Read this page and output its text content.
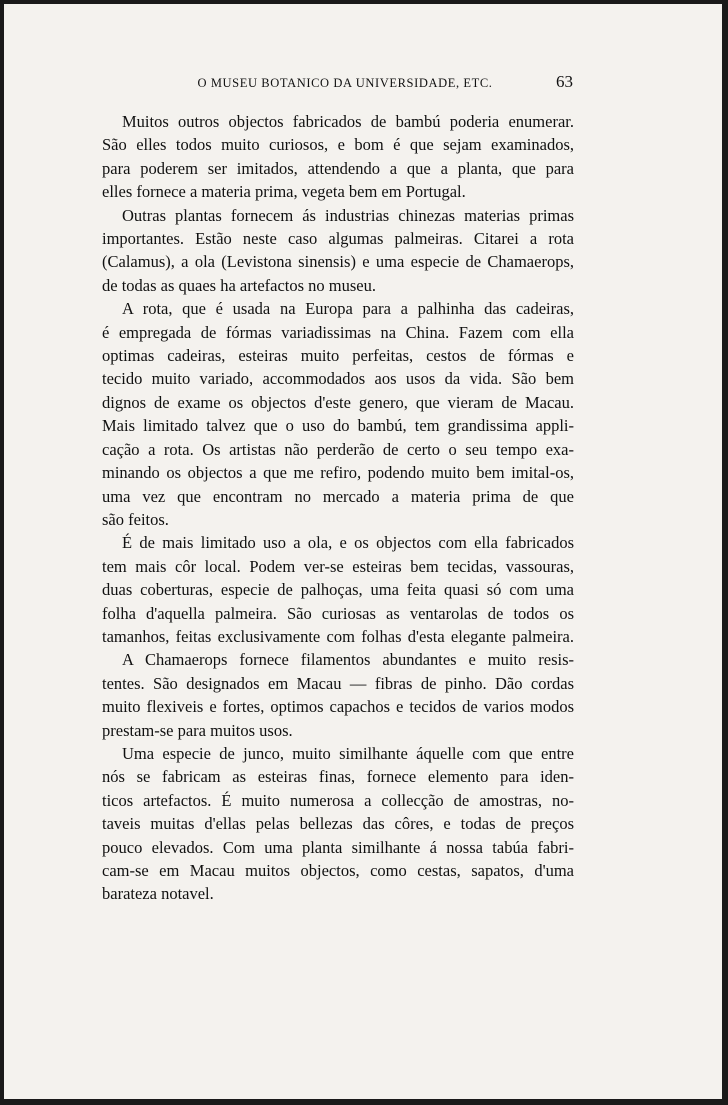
O MUSEU BOTANICO DA UNIVERSIDADE, ETC.	63
Muitos outros objectos fabricados de bambú poderia enumerar.
São elles todos muito curiosos, e bom é que sejam examinados,
para poderem ser imitados, attendendo a que a planta, que para
elles fornece a materia prima, vegeta bem em Portugal.
Outras plantas fornecem ás industrias chinezas materias primas
importantes. Estão neste caso algumas palmeiras. Citarei a rota
(Calamus), a ola (Levistona sinensis) e uma especie de Chamaerops,
de todas as quaes ha artefactos no museu.
A rota, que é usada na Europa para a palhinha das cadeiras,
é empregada de fórmas variadissimas na China. Fazem com ella
optimas cadeiras, esteiras muito perfeitas, cestos de fórmas e
tecido muito variado, accommodados aos usos da vida. São bem
dignos de exame os objectos d'este genero, que vieram de Macau.
Mais limitado talvez que o uso do bambú, tem grandissima appli-
cação a rota. Os artistas não perderão de certo o seu tempo exa-
minando os objectos a que me refiro, podendo muito bem imital-os,
uma vez que encontram no mercado a materia prima de que
são feitos.
É de mais limitado uso a ola, e os objectos com ella fabricados
tem mais côr local. Podem ver-se esteiras bem tecidas, vassouras,
duas coberturas, especie de palhoças, uma feita quasi só com uma
folha d'aquella palmeira. São curiosas as ventarolas de todos os
tamanhos, feitas exclusivamente com folhas d'esta elegante palmeira.
A Chamaerops fornece filamentos abundantes e muito resis-
tentes. São designados em Macau — fibras de pinho. Dão cordas
muito flexiveis e fortes, optimos capachos e tecidos de varios modos
prestam-se para muitos usos.
Uma especie de junco, muito similhante áquelle com que entre
nós se fabricam as esteiras finas, fornece elemento para iden-
ticos artefactos. É muito numerosa a collecção de amostras, no-
taveis muitas d'ellas pelas bellezas das côres, e todas de preços
pouco elevados. Com uma planta similhante á nossa tabúa fabri-
cam-se em Macau muitos objectos, como cestas, sapatos, d'uma
barateza notavel.
